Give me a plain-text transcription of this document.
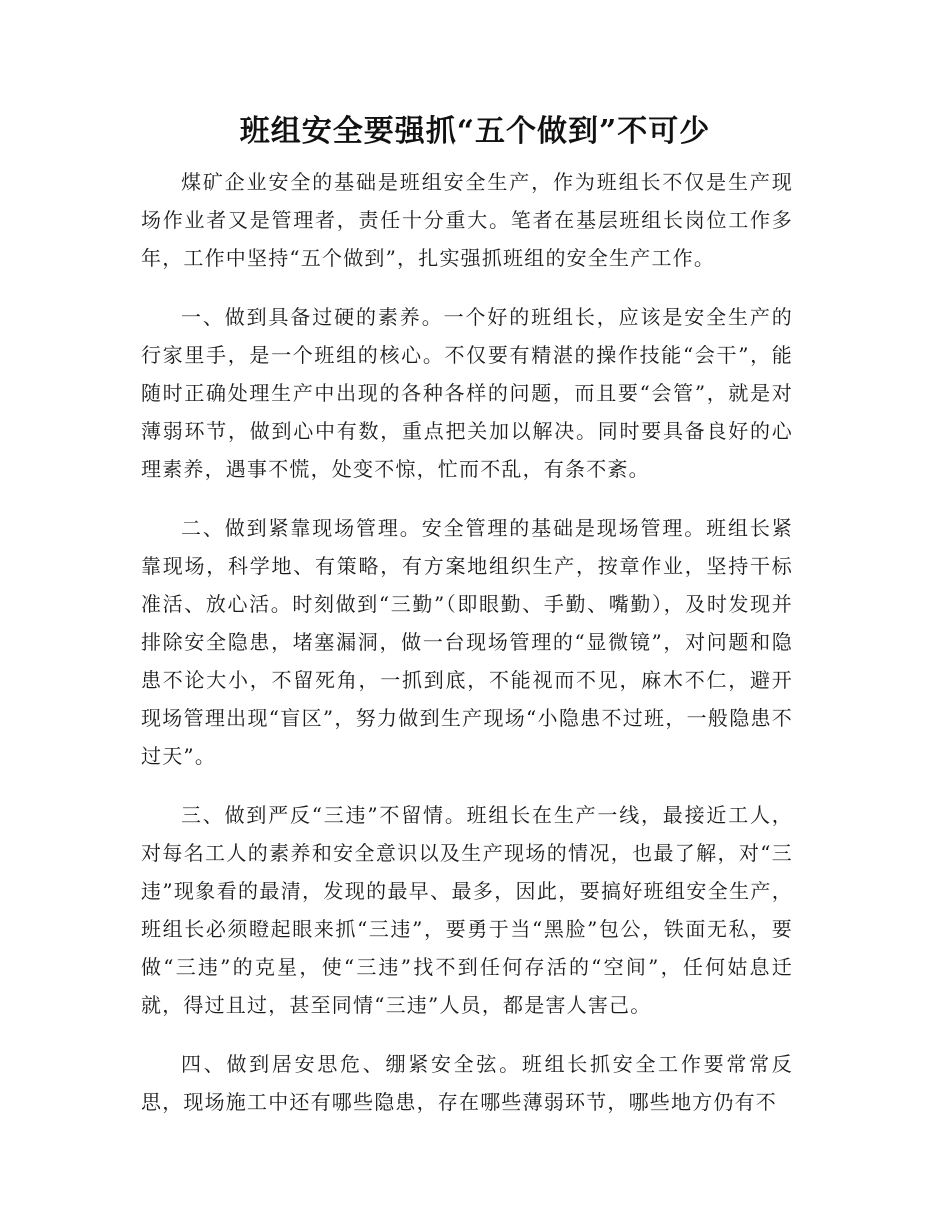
班组安全要强抓“五个做到”不可少

煤矿企业安全的基础是班组安全生产，作为班组长不仅是生产现场作业者又是管理者，责任十分重大。笔者在基层班组长岗位工作多年，工作中坚持“五个做到”，扎实强抓班组的安全生产工作。

一、做到具备过硬的素养。一个好的班组长，应该是安全生产的行家里手，是一个班组的核心。不仅要有精湛的操作技能“会干”，能随时正确处理生产中出现的各种各样的问题，而且要“会管”，就是对薄弱环节，做到心中有数，重点把关加以解决。同时要具备良好的心理素养，遇事不慌，处变不惊，忙而不乱，有条不紊。

二、做到紧靠现场管理。安全管理的基础是现场管理。班组长紧靠现场，科学地、有策略，有方案地组织生产，按章作业，坚持干标准活、放心活。时刻做到“三勤”（即眼勤、手勤、嘴勤），及时发现并排除安全隐患，堵塞漏洞，做一台现场管理的“显微镜”，对问题和隐患不论大小，不留死角，一抓到底，不能视而不见，麻木不仁，避开现场管理出现“盲区”，努力做到生产现场“小隐患不过班，一般隐患不过天”。

三、做到严反“三违”不留情。班组长在生产一线，最接近工人，对每名工人的素养和安全意识以及生产现场的情况，也最了解，对“三违”现象看的最清，发现的最早、最多，因此，要搞好班组安全生产，班组长必须瞪起眼来抓“三违”，要勇于当“黑脸”包公，铁面无私，要做“三违”的克星，使“三违”找不到任何存活的“空间”，任何姑息迁就，得过且过，甚至同情“三违”人员，都是害人害己。

四、做到居安思危、绷紧安全弦。班组长抓安全工作要常常反思，现场施工中还有哪些隐患，存在哪些薄弱环节，哪些地方仍有不
